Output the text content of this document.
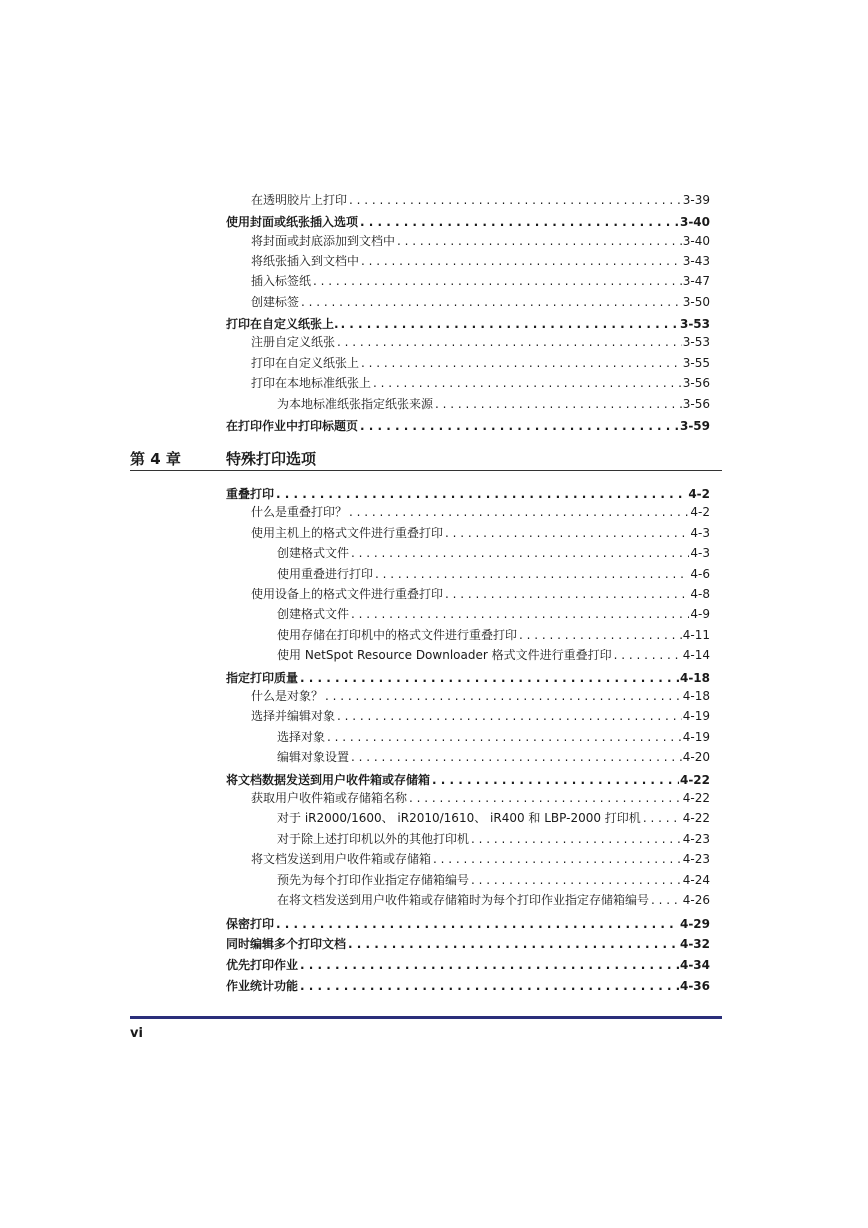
在透明胶片上打印 . . .	3-39
使用封面或纸张插入选项 . . .	3-40
将封面或封底添加到文档中 . . .	3-40
将纸张插入到文档中 . . .	3-43
插入标签纸 . . .	3-47
创建标签 . . .	3-50
打印在自定义纸张上. . . .	3-53
注册自定义纸张 . . .	3-53
打印在自定义纸张上 . . .	3-55
打印在本地标准纸张上 . . .	3-56
为本地标准纸张指定纸张来源 . . .	3-56
在打印作业中打印标题页 . . .	3-59
第 4 章	特殊打印选项
重叠打印 . . .	4-2
什么是重叠打印？ . . .	4-2
使用主机上的格式文件进行重叠打印 . . .	4-3
创建格式文件 . . .	4-3
使用重叠进行打印 . . .	4-6
使用设备上的格式文件进行重叠打印 . . .	4-8
创建格式文件 . . .	4-9
使用存储在打印机中的格式文件进行重叠打印 . . .	4-11
使用 NetSpot Resource Downloader 格式文件进行重叠打印 . . .	4-14
指定打印质量 . . .	4-18
什么是对象？ . . .	4-18
选择并编辑对象 . . .	4-19
选择对象 . . .	4-19
编辑对象设置 . . .	4-20
将文档数据发送到用户收件箱或存储箱 . . .	4-22
获取用户收件箱或存储箱名称 . . .	4-22
对于 iR2000/1600、 iR2010/1610、 iR400 和 LBP-2000 打印机 . . .	4-22
对于除上述打印机以外的其他打印机 . . .	4-23
将文档发送到用户收件箱或存储箱 . . .	4-23
预先为每个打印作业指定存储箱编号 . . .	4-24
在将文档发送到用户收件箱或存储箱时为每个打印作业指定存储箱编号 . . .	4-26
保密打印 . . .	4-29
同时编辑多个打印文档 . . .	4-32
优先打印作业 . . .	4-34
作业统计功能 . . .	4-36
vi
